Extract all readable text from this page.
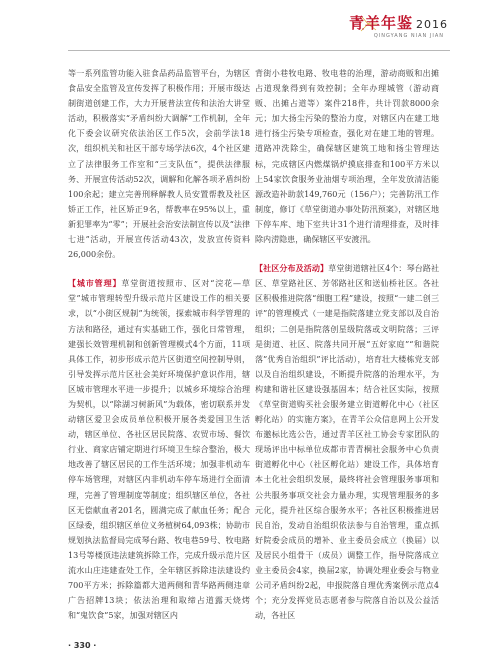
青羊年鉴 2016
QINGYANG NIAN JIAN

等一系列监管功能入驻食品药品监管平台，为辖区食品安全监管及宣传发挥了积极作用；开展市级达制街道创建工作，大力开展普法宣传和法治大讲堂活动，积极落实“矛盾纠纷大调解”工作机制，全年化下委会议研究依法治区工作5次，会前学法18次，组织机关和社区干部专场学法6次，4个社区建立了法律服务工作室和“三支队伍”，提供法律服务、开展宣传活动52次，调解和化解各项矛盾纠纷100余起；建立完善刑释解教人员安置帮教及社区矫正工作，社区矫正9名，帮教率在95%以上，重新犯罪率为“零”；开展社会治安法制宣传以及“法律七进”活动，开展宣传活动43次，发放宣传资料26,000余份。

【城市管理】草堂街道按照市、区对“浣花—草堂”城市管理转型升级示范片区建设工作的相关要求，以“小街区规制”为统领，探索城市科学管理的方法和路径，通过有实基础工作，强化日常管理，建强长效管理机制和创新管理模式4个方面，11项具体工作，初步形成示范片区街道空间控制导则，引导发挥示范片区社会美好环境保护意识作用，辖区城市管理水平进一步提升；以城乡环境综合治理为契机，以“除湖习树新风”为载体，密切联系并发动辖区爱卫会成员单位积极开展各类爱国卫生活动，辖区单位、各社区居民院落、农贸市场、餐饮行业、商家店铺定期进行环境卫生综合整治，极大地改善了辖区居民的工作生活环境；加强非机动车停车场管理，对辖区内非机动车停车场进行全面清理，完善了管理制度等制度；组织辖区单位，各社区无偿献血者201名，圆满完成了献血任务；配合区绿委，组织辖区单位义务植树64,093株；协助市规划执法监督局完成琴台路、牧电巷59号、牧电路13号等楼顶违法建筑拆除工作，完成升级示范片区流水山庄违建查处工作，全年辖区拆除违法建设约700平方米；拆除篇都大道两侧和青华路两侧违章广告招牌13块；依法治理和取缔占道露天烧烤和“鬼饮食”5家，加强对辖区内

背街小巷牧电路、牧电巷的治理，游动商贩和出摊占道现象得到有效控制；全年办理城管（游动商贩、出摊占道等）案件218件，共计罚款8000余元；加大扬尘污染的整治力度，对辖区内在建工地进行扬尘污染专项检查，强化对在建工地的管理。道路冲洗除尘，确保辖区建筑工地和扬尘管理达标，完成辖区内燃煤锅炉摸底排查和100平方米以上54家饮食服务业油烟专项治理，全年发放清洁能源改造补助款149,760元（156户）；完善防汛工作制度，修订《草堂街道办事处防汛预案》，对辖区地下停车库、地下室共计31个进行清理排查，及时排除内涝隐患，确保辖区平安渡汛。

【社区分布及活动】草堂街道辖社区4个：琴台路社区、草堂路社区、芳邻路社区和送仙桥社区。各社区积极推进院落“细胞工程”建设，按照“一建二创三评”的管理模式（一建是指院落建立党支部以及自治组织；二创是指院落创星级院落或文明院落；三评是街道、社区、院落共同开展“五好家庭”“和谐院落”优秀自治组织”评比活动），培育壮大楼栋党支部以及自治组织建设，不断提升院落的治理水平，为构建和谐社区建设强基固本；结合社区实际，按照《草堂街道购买社会服务建立街道孵化中心（社区孵化站）的实施方案》，在青羊公众信息网上公开发布邀标比选公告，通过青羊区社工协会专家团队的现场评出中标单位成都市青青桐社会服务中心负责街道孵化中心（社区孵化站）建设工作，具体培育本土化社会组织发展，最终将社会管理服务事项和公共服务事项交社会力量办理，实现管理服务的多元化，提升社区综合服务水平；各社区积极推进居民自治，发动自治组织依法参与自治管理，重点抓好院委会成员的增补、业主委员会成立（换届）以及居民小组骨干（成员）调整工作，指导院落成立业主委员会4家，换届2家，协调处理业委会与物业公司矛盾纠纷2起，申报院落自理优秀案例示范点4个；充分发挥党员志愿者参与院落自治以及公益活动，各社区

· 330 ·
